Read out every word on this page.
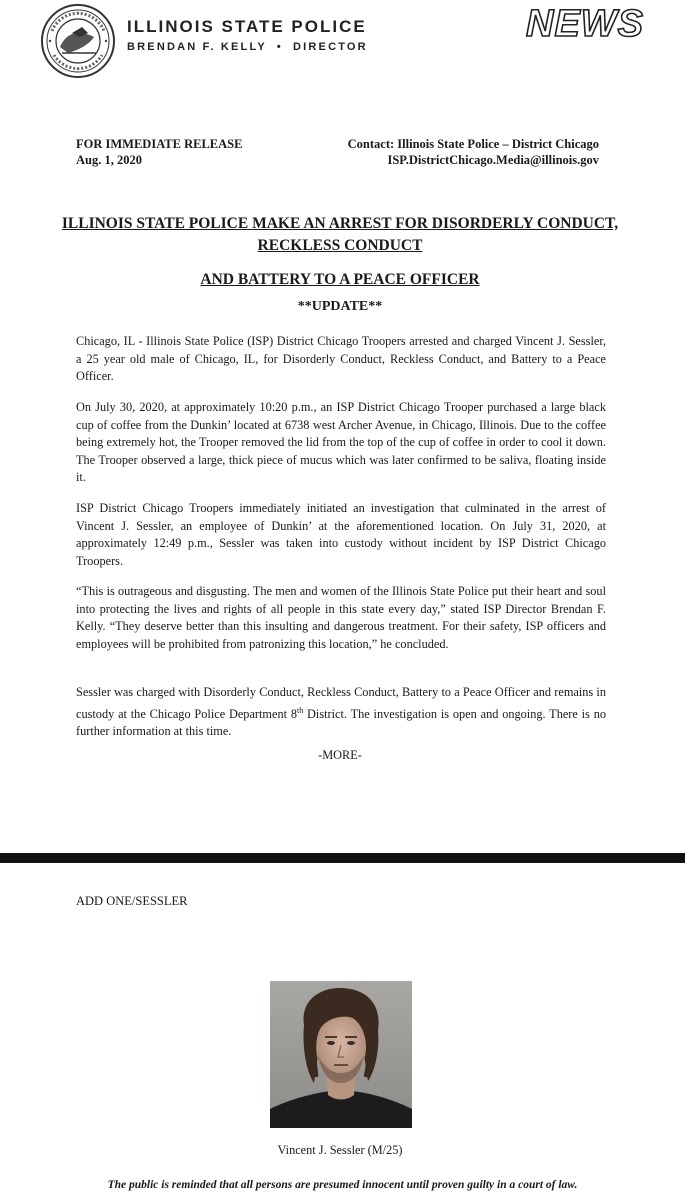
ILLINOIS STATE POLICE
BRENDAN F. KELLY • DIRECTOR
NEWS
FOR IMMEDIATE RELEASE
Aug. 1, 2020
Contact: Illinois State Police – District Chicago
ISP.DistrictChicago.Media@illinois.gov
ILLINOIS STATE POLICE MAKE AN ARREST FOR DISORDERLY CONDUCT, RECKLESS CONDUCT
AND BATTERY TO A PEACE OFFICER
**UPDATE**
Chicago, IL - Illinois State Police (ISP) District Chicago Troopers arrested and charged Vincent J. Sessler, a 25 year old male of Chicago, IL, for Disorderly Conduct, Reckless Conduct, and Battery to a Peace Officer.
On July 30, 2020, at approximately 10:20 p.m., an ISP District Chicago Trooper purchased a large black cup of coffee from the Dunkin’ located at 6738 west Archer Avenue, in Chicago, Illinois. Due to the coffee being extremely hot, the Trooper removed the lid from the top of the cup of coffee in order to cool it down. The Trooper observed a large, thick piece of mucus which was later confirmed to be saliva, floating inside it.
ISP District Chicago Troopers immediately initiated an investigation that culminated in the arrest of Vincent J. Sessler, an employee of Dunkin’ at the aforementioned location. On July 31, 2020, at approximately 12:49 p.m., Sessler was taken into custody without incident by ISP District Chicago Troopers.
“This is outrageous and disgusting. The men and women of the Illinois State Police put their heart and soul into protecting the lives and rights of all people in this state every day,” stated ISP Director Brendan F. Kelly. “They deserve better than this insulting and dangerous treatment. For their safety, ISP officers and employees will be prohibited from patronizing this location,” he concluded.
Sessler was charged with Disorderly Conduct, Reckless Conduct, Battery to a Peace Officer and remains in custody at the Chicago Police Department 8th District. The investigation is open and ongoing. There is no further information at this time.
-MORE-
ADD ONE/SESSLER
Vincent J. Sessler (M/25)
The public is reminded that all persons are presumed innocent until proven guilty in a court of law.
